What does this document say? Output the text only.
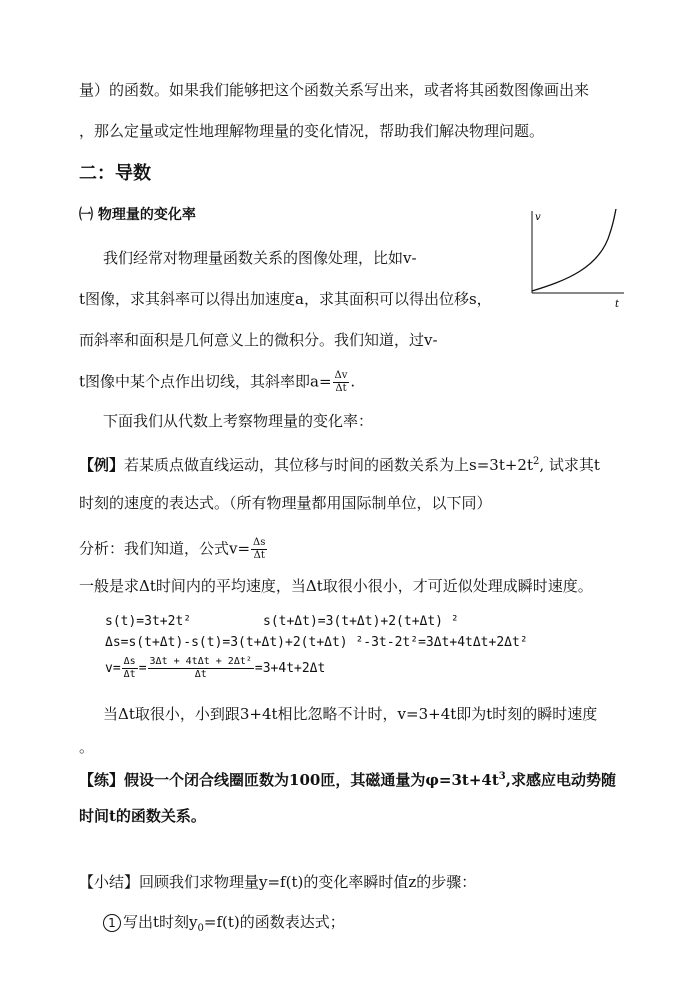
量）的函数。如果我们能够把这个函数关系写出来，或者将其函数图像画出来
，那么定量或定性地理解物理量的变化情况，帮助我们解决物理问题。
二：导数
㈠ 物理量的变化率	v
t
我们经常对物理量函数关系的图像处理，比如v-
t图像，求其斜率可以得出加速度a，求其面积可以得出位移s，
而斜率和面积是几何意义上的微积分。我们知道，过v-
t图像中某个点作出切线，其斜率即$a= \frac{\Delta v}{\Delta t}$ .
下面我们从代数上考察物理量的变化率：
【例】若某质点做直线运动，其位移与时间的函数关系为上$s=3t+2t^2$, 试求其t
时刻的速度的表达式。（所有物理量都用国际制单位，以下同）
分析：我们知道，公式$v= \frac{\Delta s}{\Delta t}$
一般是求Δt时间内的平均速度，当Δt取很小很小，才可近似处理成瞬时速度。
s(t)=3t+2t²	s(t+Δt)=3(t+Δt)+2(t+Δt) ²
Δs=s(t+Δt)-s(t)=3(t+Δt)+2(t+Δt) ²-3t-2t²=3Δt+4tΔt+2Δt²
$v= \frac{\Delta s}{\Delta t} = \frac{\text{3Δt + 4tΔt + 2Δt²}}{\Delta t} =3+4t+2\Delta t$
当Δt取很小，小到跟3+4t相比忽略不计时，v=3+4t即为t时刻的瞬时速度
。
【练】假设一个闭合线圈匝数为100匝，其磁通量为$\varphi=3t+4t^3$,求感应电动势随
时间t的函数关系。
【小结】回顾我们求物理量y=f(t)的变化率瞬时值z的步骤：
1 写出t时刻$y_0=f(t)$的函数表达式；
